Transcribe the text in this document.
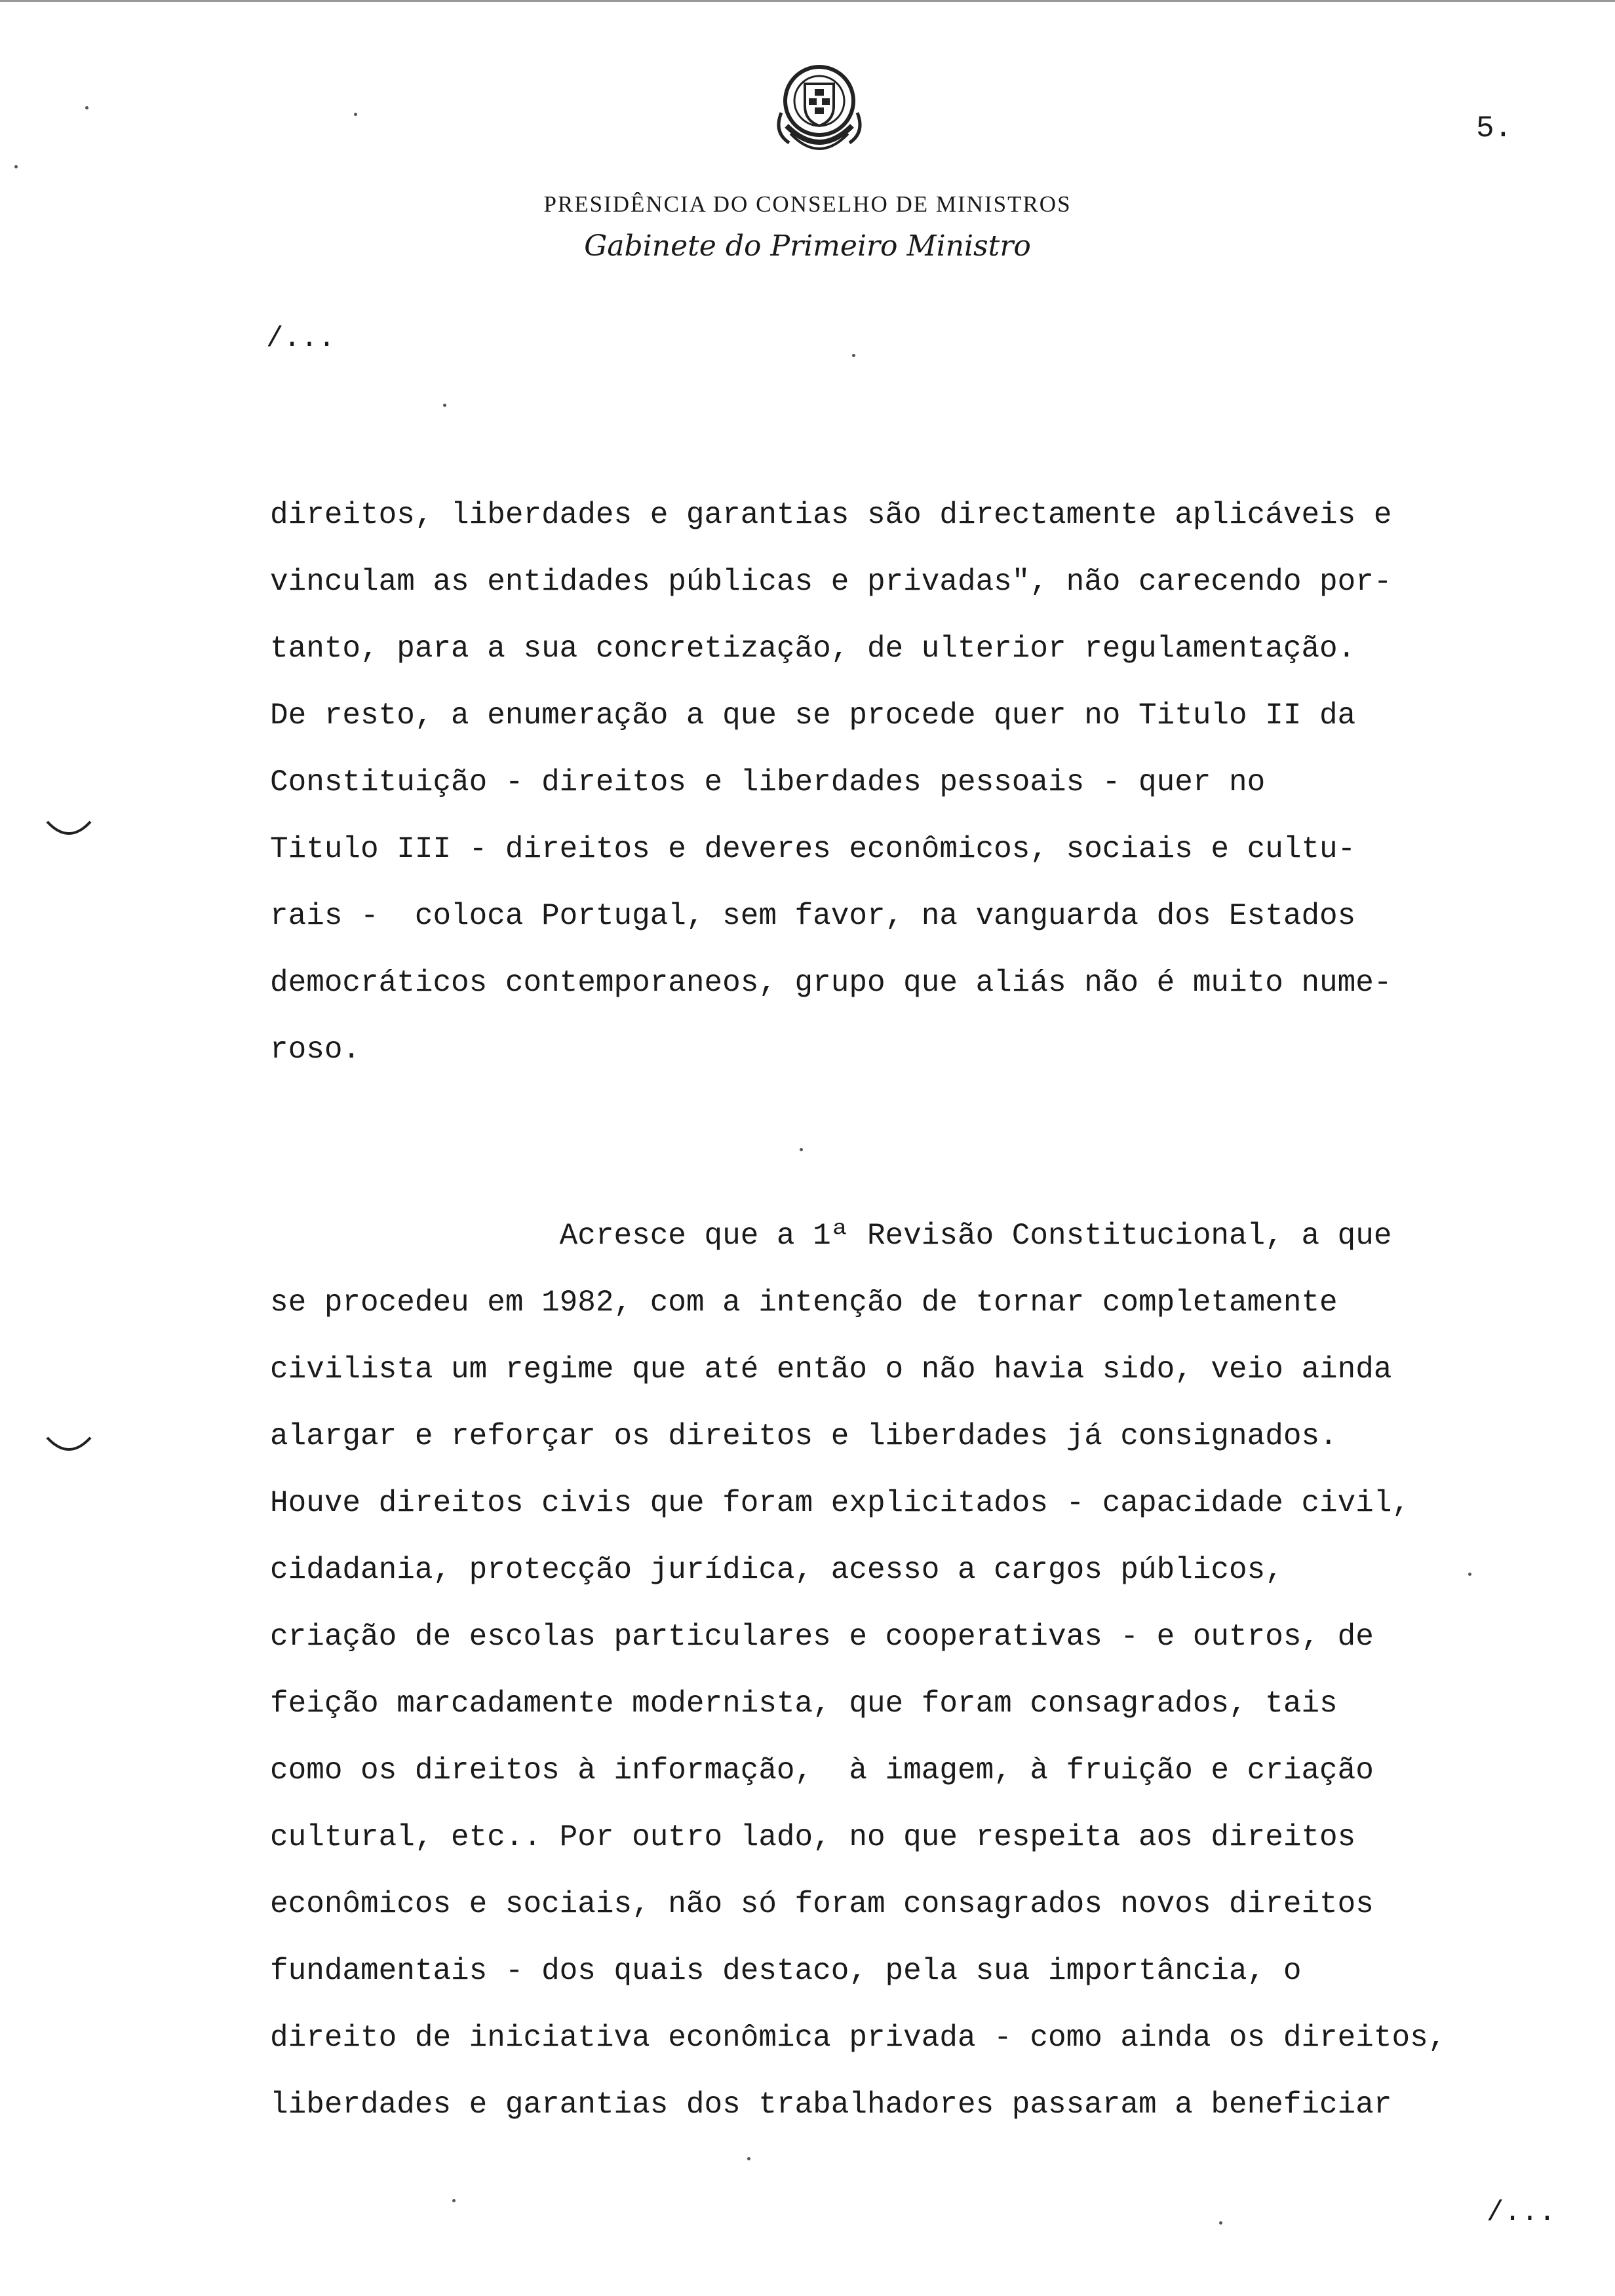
5.
PRESIDÊNCIA DO CONSELHO DE MINISTROS
Gabinete do Primeiro Ministro
/...
direitos, liberdades e garantias são directamente aplicáveis e
vinculam as entidades públicas e privadas", não carecendo por-
tanto, para a sua concretização, de ulterior regulamentação.
De resto, a enumeração a que se procede quer no Titulo II da
Constituição - direitos e liberdades pessoais - quer no
Titulo III - direitos e deveres econômicos, sociais e cultu-
rais -  coloca Portugal, sem favor, na vanguarda dos Estados
democráticos contemporaneos, grupo que aliás não é muito nume-
roso.
Acresce que a 1ª Revisão Constitucional, a que
se procedeu em 1982, com a intenção de tornar completamente
civilista um regime que até então o não havia sido, veio ainda
alargar e reforçar os direitos e liberdades já consignados.
Houve direitos civis que foram explicitados - capacidade civil,
cidadania, protecção jurídica, acesso a cargos públicos,
criação de escolas particulares e cooperativas - e outros, de
feição marcadamente modernista, que foram consagrados, tais
como os direitos à informação,  à imagem, à fruição e criação
cultural, etc.. Por outro lado, no que respeita aos direitos
econômicos e sociais, não só foram consagrados novos direitos
fundamentais - dos quais destaco, pela sua importância, o
direito de iniciativa econômica privada - como ainda os direitos,
liberdades e garantias dos trabalhadores passaram a beneficiar
/...
